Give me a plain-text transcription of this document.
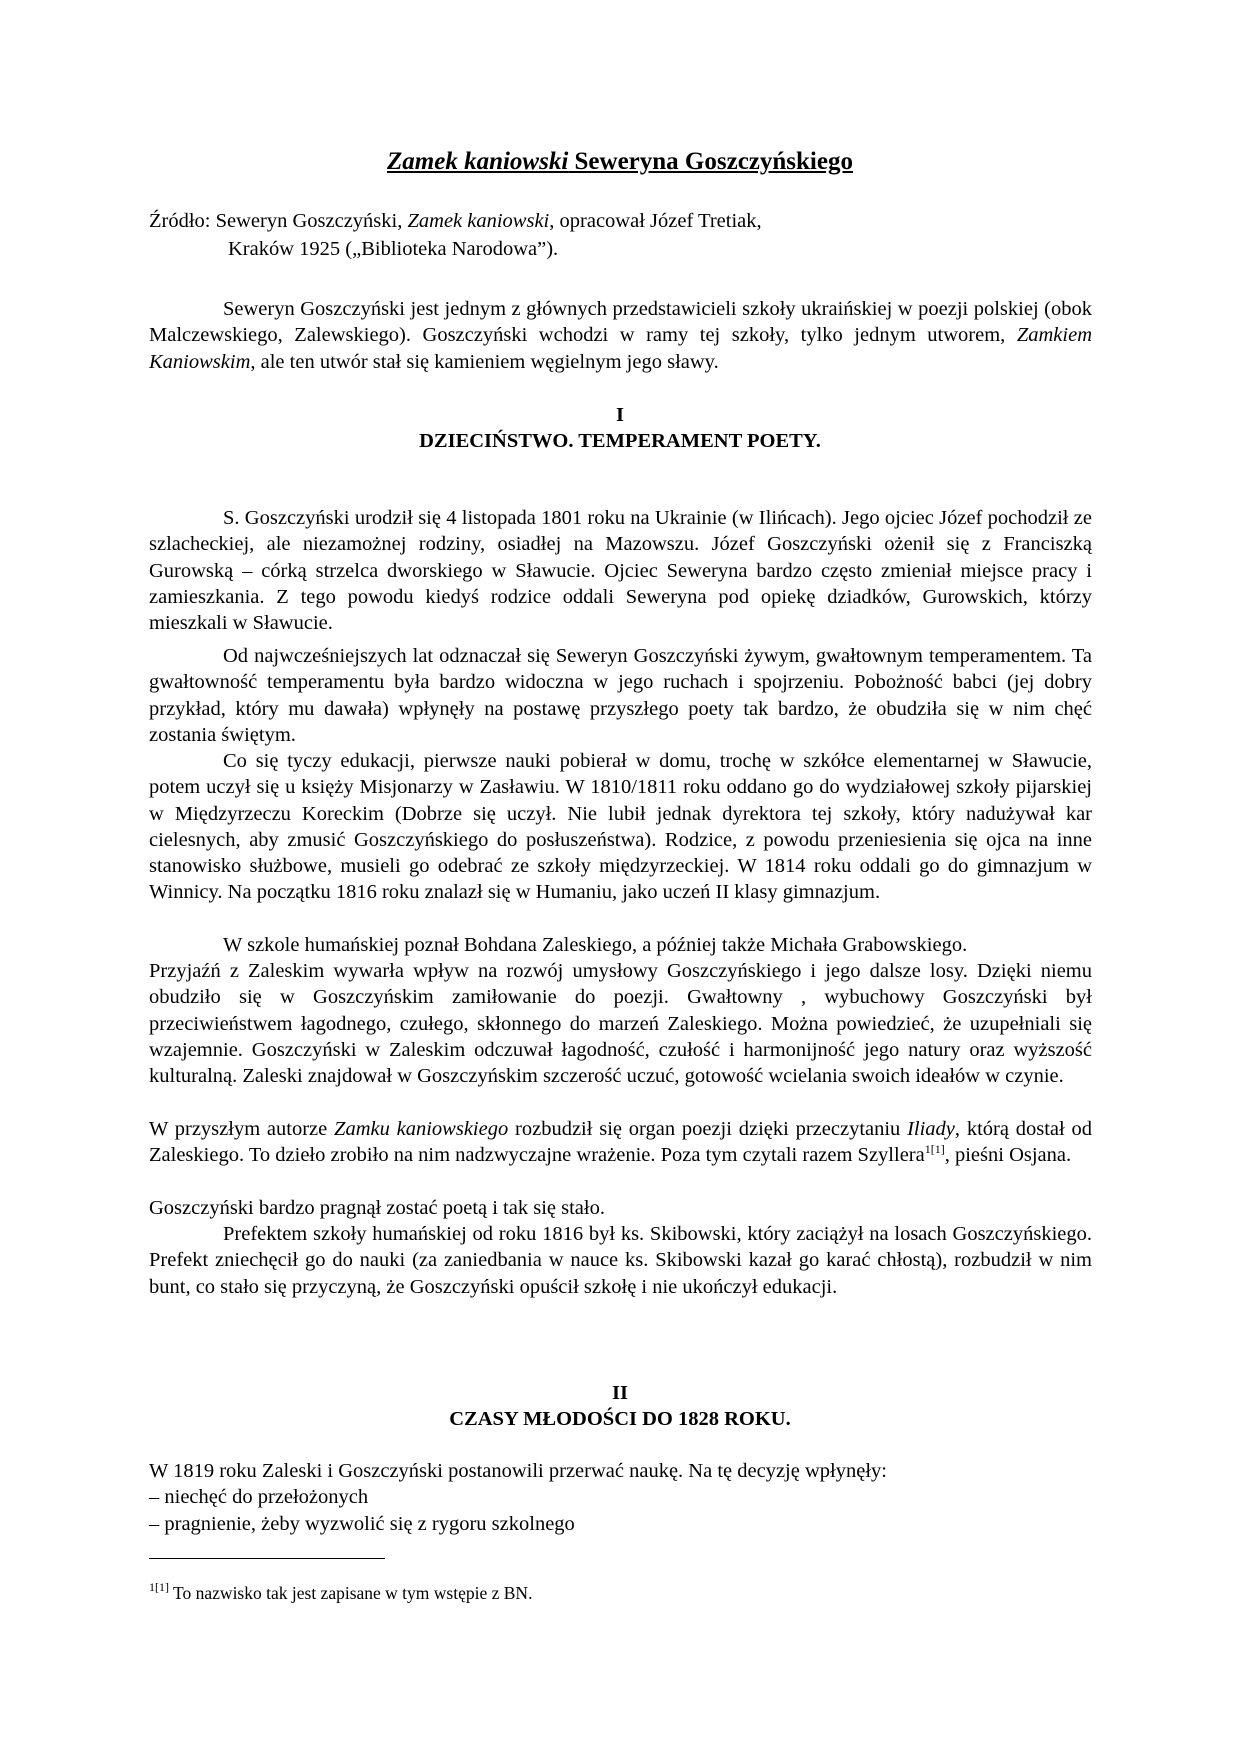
Zamek kaniowski Seweryna Goszczyńskiego
Źródło: Seweryn Goszczyński, Zamek kaniowski, opracował Józef Tretiak,
Kraków 1925 („Biblioteka Narodowa”).

Seweryn Goszczyński jest jednym z głównych przedstawicieli szkoły ukraińskiej w poezji polskiej (obok Malczewskiego, Zalewskiego). Goszczyński wchodzi w ramy tej szkoły, tylko jednym utworem, Zamkiem Kaniowskim, ale ten utwór stał się kamieniem węgielnym jego sławy.

I
DZIECIŃSTWO. TEMPERAMENT POETY.

S. Goszczyński urodził się 4 listopada 1801 roku na Ukrainie (w Ilińcach). Jego ojciec Józef pochodził ze szlacheckiej, ale niezamożnej rodziny, osiadłej na Mazowszu. Józef Goszczyński ożenił się z Franciszką Gurowską – córką strzelca dworskiego w Sławucie. Ojciec Seweryna bardzo często zmieniał miejsce pracy i zamieszkania. Z tego powodu kiedyś rodzice oddali Seweryna pod opiekę dziadków, Gurowskich, którzy mieszkali w Sławucie.

Od najwcześniejszych lat odznaczał się Seweryn Goszczyński żywym, gwałtownym temperamentem. Ta gwałtowność temperamentu była bardzo widoczna w jego ruchach i spojrzeniu. Pobożność babci (jej dobry przykład, który mu dawała) wpłynęły na postawę przyszłego poety tak bardzo, że obudziła się w nim chęć zostania świętym.

Co się tyczy edukacji, pierwsze nauki pobierał w domu, trochę w szkółce elementarnej w Sławucie, potem uczył się u księży Misjonarzy w Zasławiu. W 1810/1811 roku oddano go do wydziałowej szkoły pijarskiej w Międzyrzeczu Koreckim (Dobrze się uczył. Nie lubił jednak dyrektora tej szkoły, który nadużywał kar cielesnych, aby zmusić Goszczyńskiego do posłuszeństwa). Rodzice, z powodu przeniesienia się ojca na inne stanowisko służbowe, musieli go odebrać ze szkoły międzyrzeckiej. W 1814 roku oddali go do gimnazjum w Winnicy. Na początku 1816 roku znalazł się w Humaniu, jako uczeń II klasy gimnazjum.

W szkole humańskiej poznał Bohdana Zaleskiego, a później także Michała Grabowskiego.

Przyjaźń z Zaleskim wywarła wpływ na rozwój umysłowy Goszczyńskiego i jego dalsze losy. Dzięki niemu obudziło się w Goszczyńskim zamiłowanie do poezji. Gwałtowny , wybuchowy Goszczyński był przeciwieństwem łagodnego, czułego, skłonnego do marzeń Zaleskiego. Można powiedzieć, że uzupełniali się wzajemnie. Goszczyński w Zaleskim odczuwał łagodność, czułość i harmonijność jego natury oraz wyższość kulturalną. Zaleski znajdował w Goszczyńskim szczerość uczuć, gotowość wcielania swoich ideałów w czynie.

W przyszłym autorze Zamku kaniowskiego rozbudził się organ poezji dzięki przeczytaniu Iliady, którą dostał od Zaleskiego. To dzieło zrobiło na nim nadzwyczajne wrażenie. Poza tym czytali razem Szyllera$^{1[1]}$, pieśni Osjana.

Goszczyński bardzo pragnął zostać poetą i tak się stało.

Prefektem szkoły humańskiej od roku 1816 był ks. Skibowski, który zaciążył na losach Goszczyńskiego. Prefekt zniechęcił go do nauki (za zaniedbania w nauce ks. Skibowski kazał go karać chłostą), rozbudził w nim bunt, co stało się przyczyną, że Goszczyński opuścił szkołę i nie ukończył edukacji.

II
CZASY MŁODOŚCI DO 1828 ROKU.
W 1819 roku Zaleski i Goszczyński postanowili przerwać naukę. Na tę decyzję wpłynęły:
– niechęć do przełożonych
– pragnienie, żeby wyzwolić się z rygoru szkolnego
$^{1[1]}$ To nazwisko tak jest zapisane w tym wstępie z BN.
